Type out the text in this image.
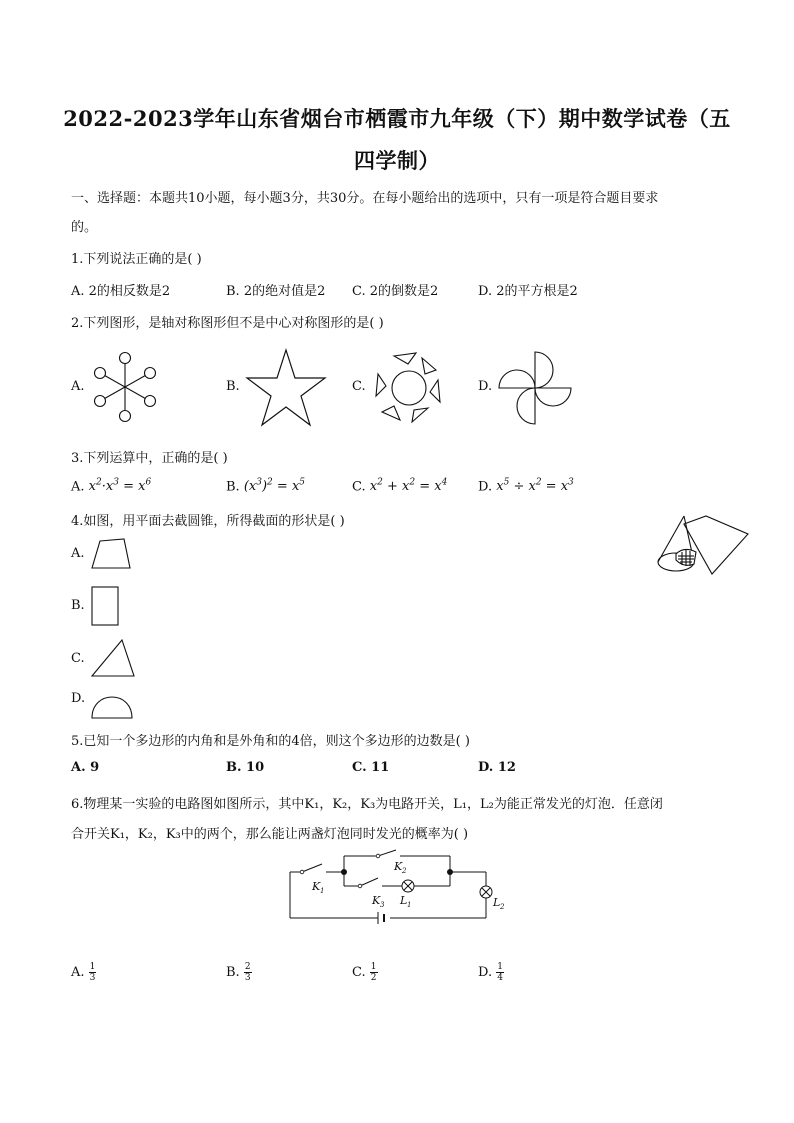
2022-2023学年山东省烟台市栖霞市九年级（下）期中数学试卷（五
四学制）
一、选择题：本题共10小题，每小题3分，共30分。在每小题给出的选项中，只有一项是符合题目要求
的。
1.下列说法正确的是( )
A. 2的相反数是2	B. 2的绝对值是2 C. 2的倒数是2	D. 2的平方根是2
2.下列图形，是轴对称图形但不是中心对称图形的是( )
A.	B.	C.	D.
3.下列运算中，正确的是( )
A. $x^2\cdot x^3 = x^6$	B. $(x^3)^2 = x^5$	C. $x^2 + x^2 = x^4$ D. $x^5 \div x^2 = x^3$
4.如图，用平面去截圆锥，所得截面的形状是( )
A.
B.
C.
D.
5.已知一个多边形的内角和是外角和的4倍，则这个多边形的边数是( )
A. 9	B. 10	C. 11	D. 12
6.物理某一实验的电路图如图所示，其中K₁，K₂，K₃为电路开关，L₁，L₂为能正常发光的灯泡．任意闭
合开关K₁，K₂，K₃中的两个，那么能让两盏灯泡同时发光的概率为( )
K 1
K 2
K 3 L 1	L 2
A. $\frac{1}{3}$	B. $\frac{2}{3}$	C. $\frac{1}{2}$	D. $\frac{1}{4}$
